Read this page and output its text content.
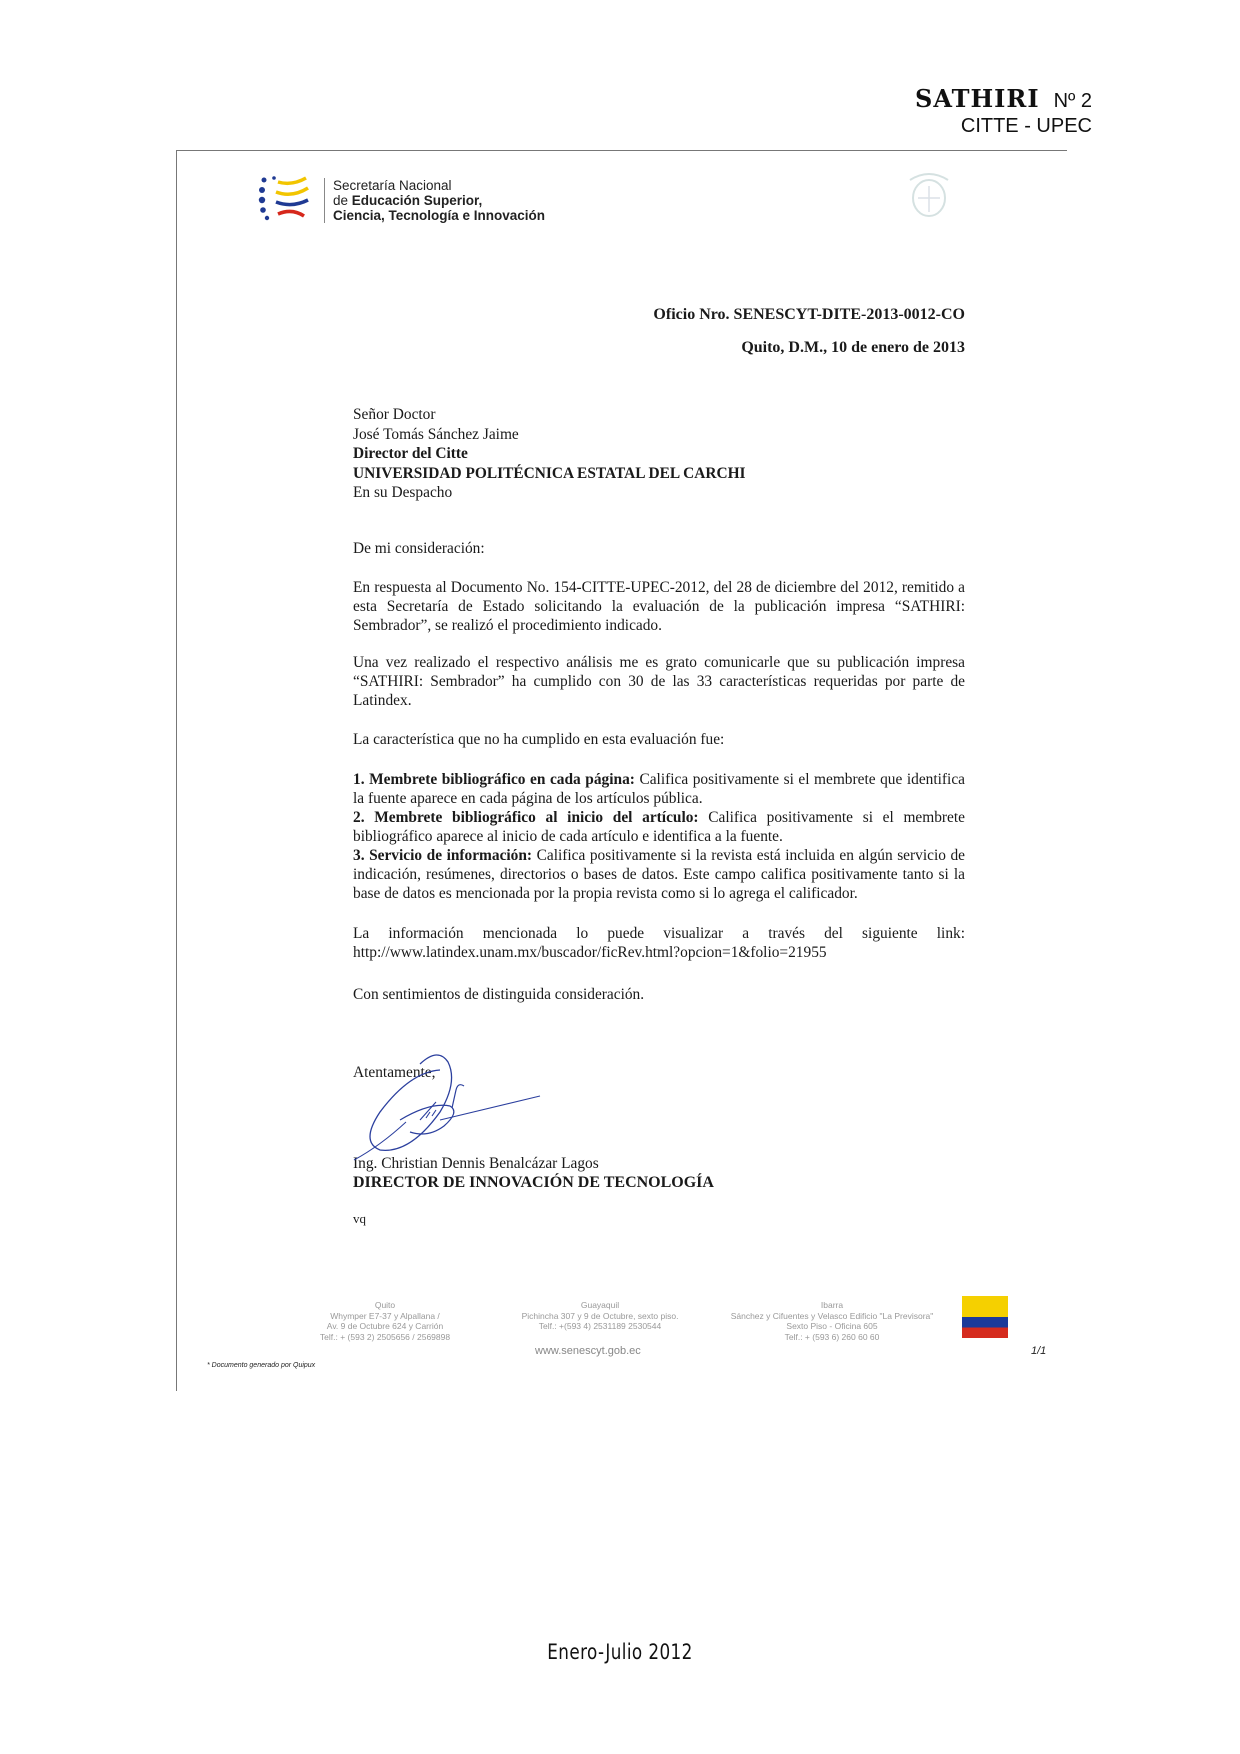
SATHIRI Nº 2
CITTE - UPEC
Secretaría Nacional
de Educación Superior,
Ciencia, Tecnología e Innovación
Oficio Nro. SENESCYT-DITE-2013-0012-CO
Quito, D.M., 10 de enero de 2013
Señor Doctor
José Tomás Sánchez Jaime
Director del Citte
UNIVERSIDAD POLITÉCNICA ESTATAL DEL CARCHI
En su Despacho
De mi consideración:
En respuesta al Documento No. 154-CITTE-UPEC-2012, del 28 de diciembre del 2012, remitido a esta Secretaría de Estado solicitando la evaluación de la publicación impresa “SATHIRI: Sembrador”, se realizó el procedimiento indicado.
Una vez realizado el respectivo análisis me es grato comunicarle que su publicación impresa “SATHIRI: Sembrador” ha cumplido con 30 de las 33 características requeridas por parte de Latindex.
La característica que no ha cumplido en esta evaluación fue:
1. Membrete bibliográfico en cada página: Califica positivamente si el membrete que identifica la fuente aparece en cada página de los artículos pública.
2. Membrete bibliográfico al inicio del artículo: Califica positivamente si el membrete bibliográfico aparece al inicio de cada artículo e identifica a la fuente.
3. Servicio de información: Califica positivamente si la revista está incluida en algún servicio de indicación, resúmenes, directorios o bases de datos. Este campo califica positivamente tanto si la base de datos es mencionada por la propia revista como si lo agrega el calificador.
La información mencionada lo puede visualizar a través del siguiente link:
http://www.latindex.unam.mx/buscador/ficRev.html?opcion=1&folio=21955
Con sentimientos de distinguida consideración.
Atentamente,
Ing. Christian Dennis Benalcázar Lagos
DIRECTOR DE INNOVACIÓN DE TECNOLOGÍA
vq
Quito
Whymper E7-37 y Alpallana /
Av. 9 de Octubre 624 y Carrión
Telf.: + (593 2) 2505656 / 2569898
Guayaquil
Pichincha 307 y 9 de Octubre, sexto piso.
Telf.: +(593 4) 2531189 2530544
Ibarra
Sánchez y Cifuentes y Velasco Edificio "La Previsora"
Sexto Piso - Oficina 605
Telf.: + (593 6) 260 60 60
www.senescyt.gob.ec	1/1
* Documento generado por Quipux
Enero-Julio 2012
